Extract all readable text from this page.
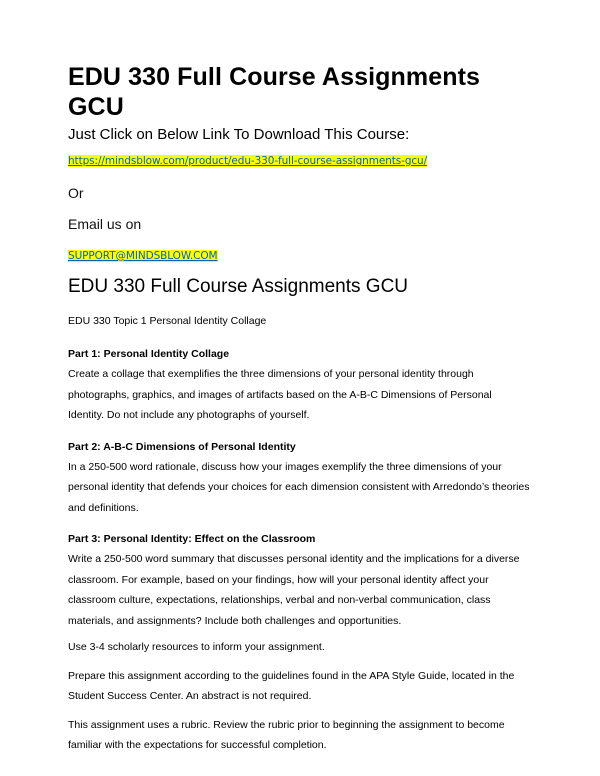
EDU 330 Full Course Assignments GCU

Just Click on Below Link To Download This Course:

https://mindsblow.com/product/edu-330-full-course-assignments-gcu/

Or

Email us on

SUPPORT@MINDSBLOW.COM

EDU 330 Full Course Assignments GCU

EDU 330 Topic 1 Personal Identity Collage

Part 1: Personal Identity Collage

Create a collage that exemplifies the three dimensions of your personal identity through
photographs, graphics, and images of artifacts based on the A-B-C Dimensions of Personal
Identity. Do not include any photographs of yourself.

Part 2: A-B-C Dimensions of Personal Identity

In a 250-500 word rationale, discuss how your images exemplify the three dimensions of your
personal identity that defends your choices for each dimension consistent with Arredondo’s theories
and definitions.

Part 3: Personal Identity: Effect on the Classroom

Write a 250-500 word summary that discusses personal identity and the implications for a diverse
classroom. For example, based on your findings, how will your personal identity affect your
classroom culture, expectations, relationships, verbal and non-verbal communication, class
materials, and assignments? Include both challenges and opportunities.

Use 3-4 scholarly resources to inform your assignment.

Prepare this assignment according to the guidelines found in the APA Style Guide, located in the
Student Success Center. An abstract is not required.

This assignment uses a rubric. Review the rubric prior to beginning the assignment to become
familiar with the expectations for successful completion.
